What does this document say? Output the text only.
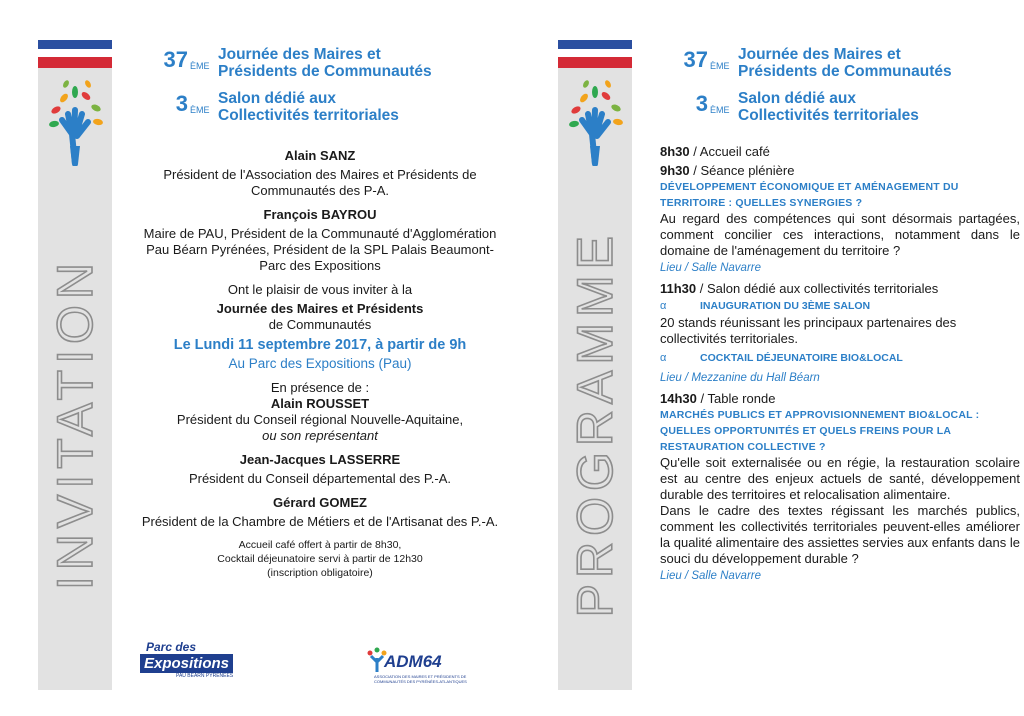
INVITATION
37 ÈME
Journée des Maires et
Présidents de Communautés
3 ÈME
Salon dédié aux
Collectivités territoriales

Alain SANZ

Président de l'Association des Maires et Présidents de Communautés des P-A.

François BAYROU

Maire de PAU, Président de la Communauté d'Agglomération Pau Béarn Pyrénées, Président de la SPL Palais Beaumont-Parc des Expositions

Ont le plaisir de vous inviter à la

Journée des Maires et Présidents

de Communautés

Le Lundi 11 septembre 2017, à partir de 9h

Au Parc des Expositions (Pau)

En présence de :

Alain ROUSSET

Président du Conseil régional Nouvelle-Aquitaine,

ou son représentant

Jean-Jacques LASSERRE

Président du Conseil départemental des P.-A.

Gérard GOMEZ

Président de la Chambre de Métiers et de l'Artisanat des P.-A.

Accueil café offert à partir de 8h30,

Cocktail déjeunatoire servi à partir de 12h30

(inscription obligatoire)

Parc des
Expositions
PAU BÉARN PYRÉNÉES
ADM64
ASSOCIATION DES MAIRES ET PRÉSIDENTS DE COMMUNAUTÉS DES PYRÉNÉES-ATLANTIQUES
PROGRAMME
37 ÈME
Journée des Maires et
Présidents de Communautés
3 ÈME
Salon dédié aux
Collectivités territoriales
8h30 / Accueil café
9h30 / Séance plénière
DÉVELOPPEMENT ÉCONOMIQUE ET AMÉNAGEMENT DU TERRITOIRE : QUELLES SYNERGIES ?

Au regard des compétences qui sont désormais partagées, comment concilier ces interactions, notamment dans le domaine de l'aménagement du territoire ?

Lieu / Salle Navarre

11h30 / Salon dédié aux collectivités territoriales
α	INAUGURATION DU 3ÈME SALON

20 stands réunissant les principaux partenaires des collectivités territoriales.

α	COCKTAIL DÉJEUNATOIRE BIO&LOCAL

Lieu / Mezzanine du Hall Béarn

14h30 / Table ronde
MARCHÉS PUBLICS ET APPROVISIONNEMENT BIO&LOCAL : QUELLES OPPORTUNITÉS ET QUELS FREINS POUR LA RESTAURATION COLLECTIVE ?

Qu'elle soit externalisée ou en régie, la restauration scolaire est au centre des enjeux actuels de santé, développement durable des territoires et relocalisation alimentaire.

Dans le cadre des textes régissant les marchés publics, comment les collectivités territoriales peuvent-elles améliorer la qualité alimentaire des assiettes servies aux enfants dans le souci du développement durable ?

Lieu / Salle Navarre
